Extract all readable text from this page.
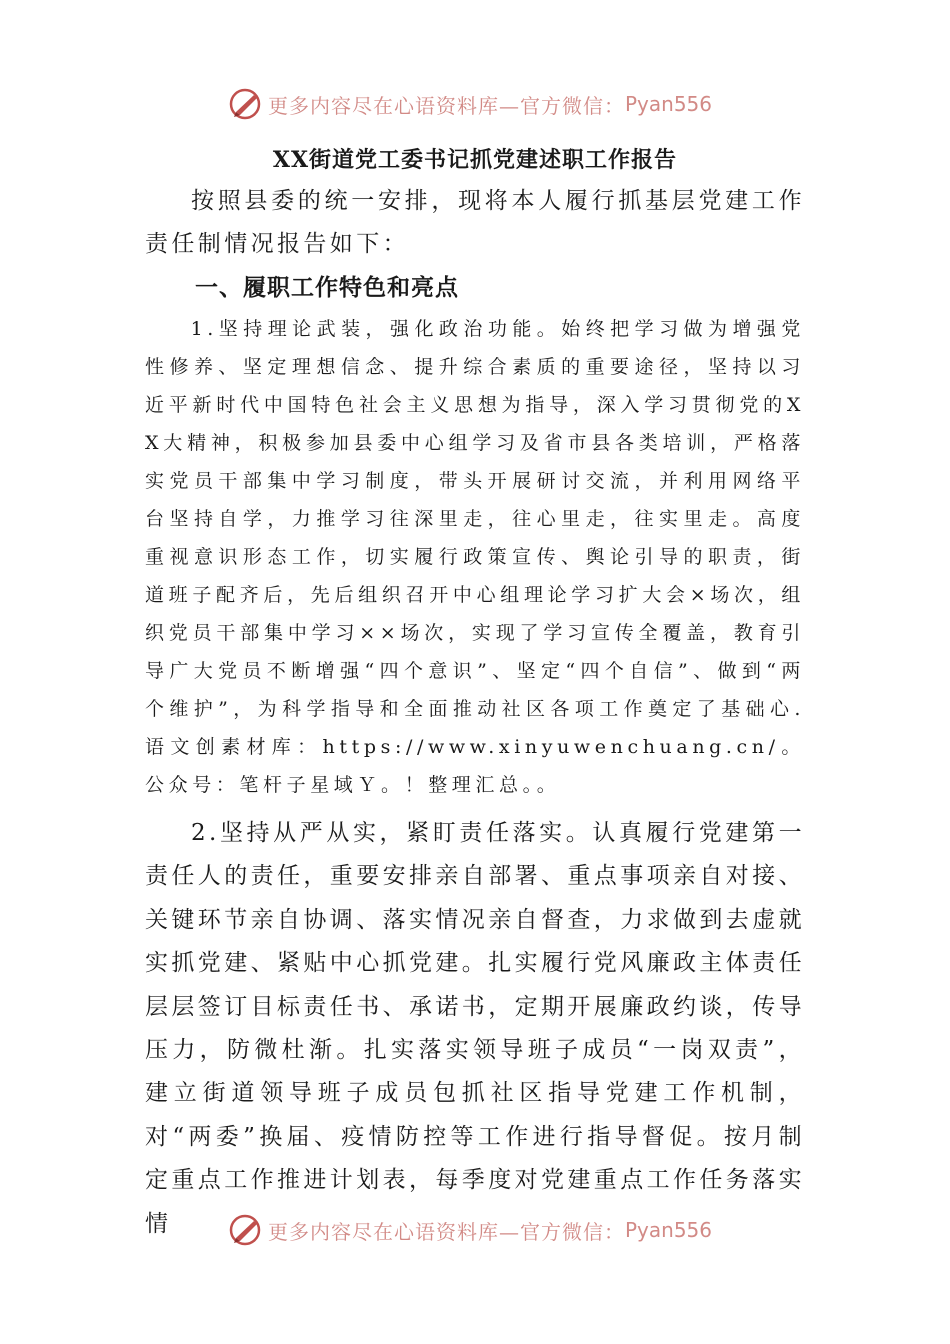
更多内容尽在心语资料库—官方微信： Pyan556
XX街道党工委书记抓党建述职工作报告

按照县委的统一安排，现将本人履行抓基层党建工作责任制情况报告如下：

一、履职工作特色和亮点

1.坚持理论武装，强化政治功能。始终把学习做为增强党性修养、坚定理想信念、提升综合素质的重要途径，坚持以习近平新时代中国特色社会主义思想为指导，深入学习贯彻党的XX大精神，积极参加县委中心组学习及省市县各类培训，严格落实党员干部集中学习制度，带头开展研讨交流，并利用网络平台坚持自学，力推学习往深里走，往心里走，往实里走。高度重视意识形态工作，切实履行政策宣传、舆论引导的职责，街道班子配齐后，先后组织召开中心组理论学习扩大会×场次，组织党员干部集中学习××场次，实现了学习宣传全覆盖，教育引导广大党员不断增强“四个意识”、坚定“四个自信”、做到“两个维护”，为科学指导和全面推动社区各项工作奠定了基础心.语文创素材库：https://www.xinyuwenchuang.cn/。公众号：笔杆子星域Ｙ。！整理汇总。。

2.坚持从严从实，紧盯责任落实。认真履行党建第一责任人的责任，重要安排亲自部署、重点事项亲自对接、关键环节亲自协调、落实情况亲自督查，力求做到去虚就实抓党建、紧贴中心抓党建。扎实履行党风廉政主体责任层层签订目标责任书、承诺书，定期开展廉政约谈，传导压力，防微杜渐。扎实落实领导班子成员“一岗双责”，建立街道领导班子成员包抓社区指导党建工作机制，对“两委”换届、疫情防控等工作进行指导督促。按月制定重点工作推进计划表，每季度对党建重点工作任务落实情	更多内容尽在心语资料库—官方微信： Pyan556
